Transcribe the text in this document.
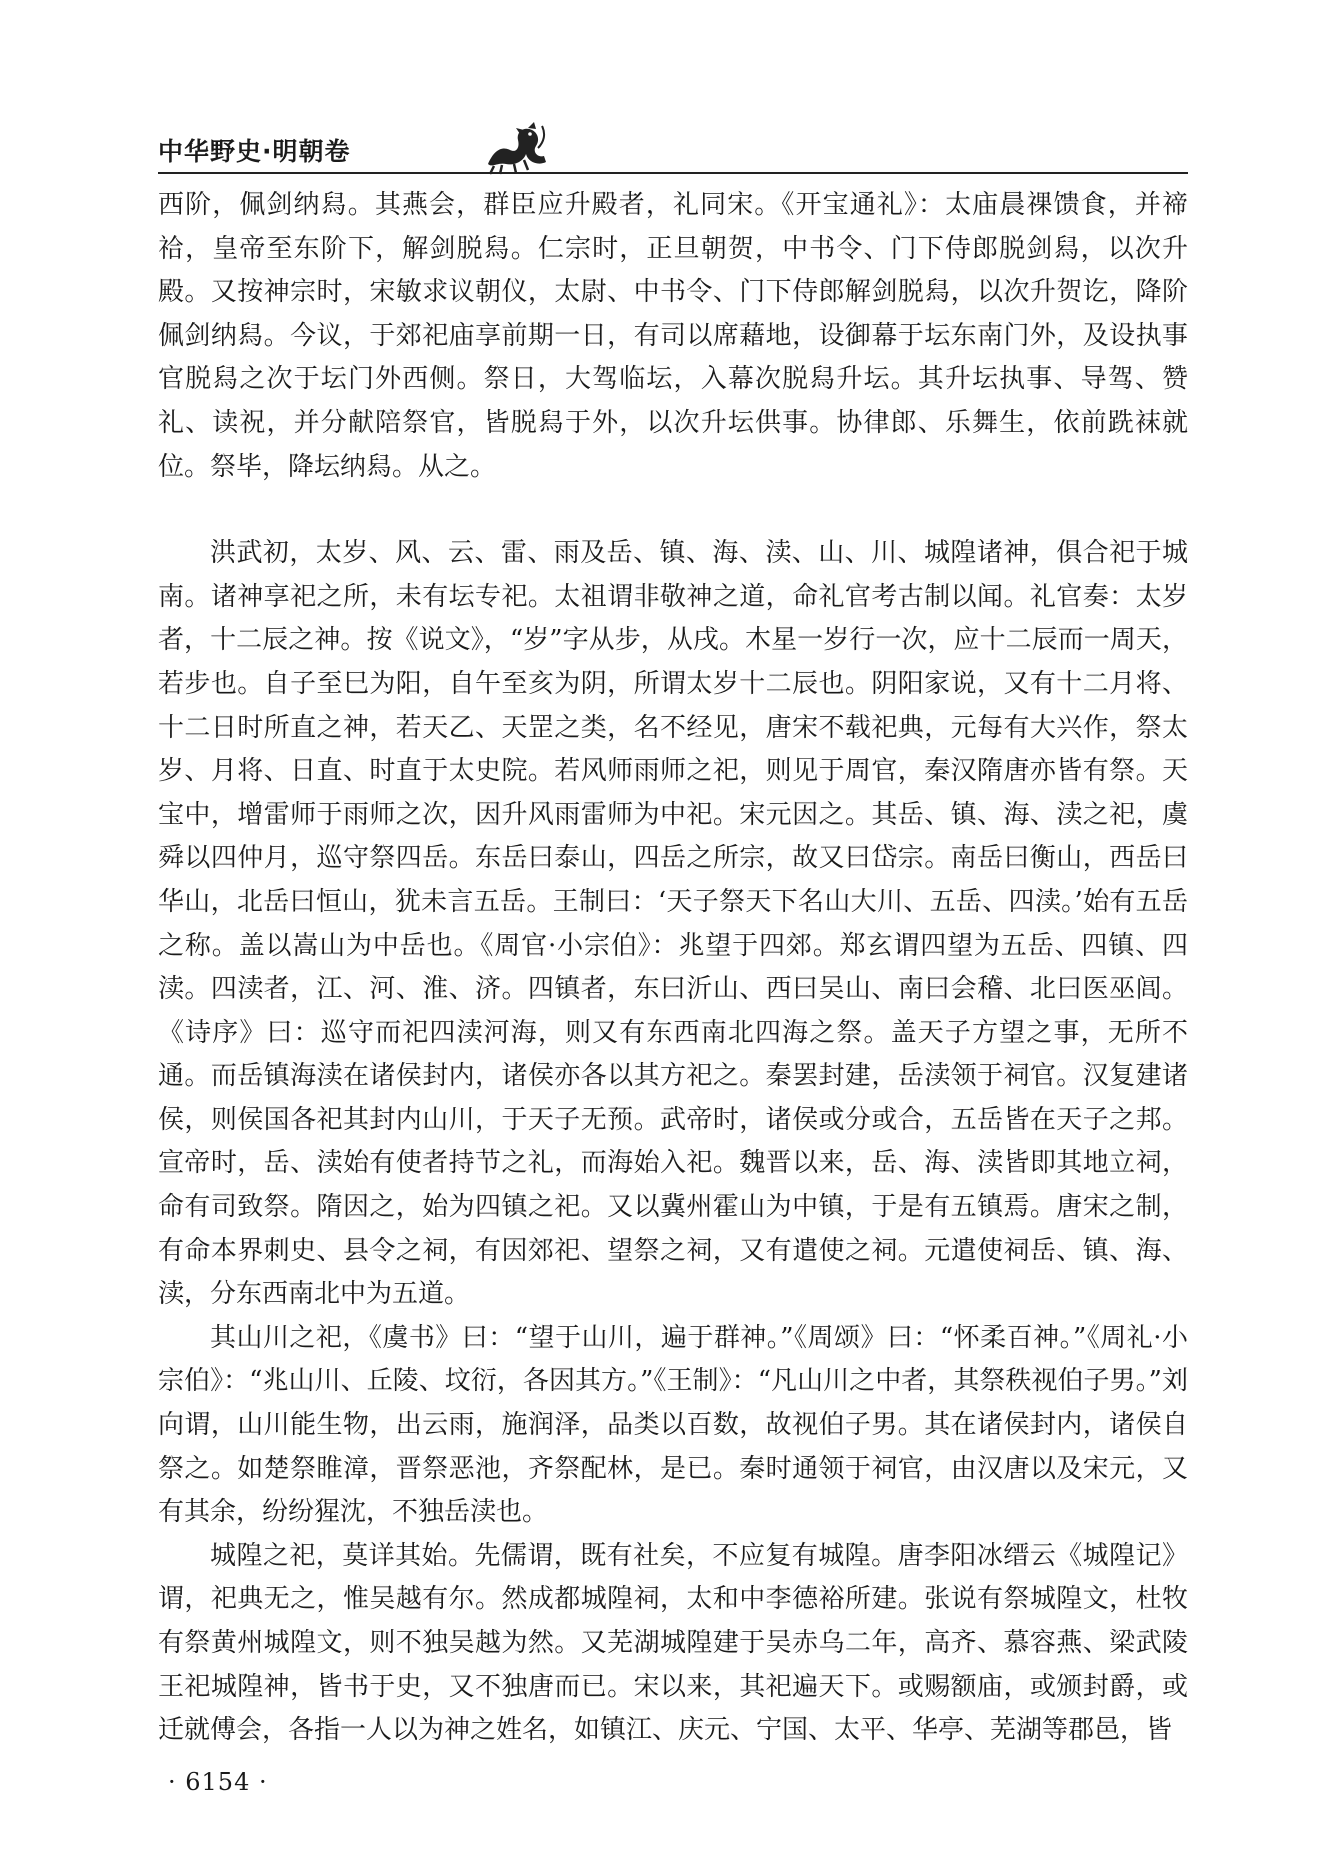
中华野史·明朝卷

西阶，佩剑纳舄。其燕会，群臣应升殿者，礼同宋。《开宝通礼》：太庙晨祼馈食，并禘祫，皇帝至东阶下，解剑脱舄。仁宗时，正旦朝贺，中书令、门下侍郎脱剑舄，以次升殿。又按神宗时，宋敏求议朝仪，太尉、中书令、门下侍郎解剑脱舄，以次升贺讫，降阶佩剑纳舄。今议，于郊祀庙享前期一日，有司以席藉地，设御幕于坛东南门外，及设执事官脱舄之次于坛门外西侧。祭日，大驾临坛，入幕次脱舄升坛。其升坛执事、导驾、赞礼、读祝，并分献陪祭官，皆脱舄于外，以次升坛供事。协律郎、乐舞生，依前跣袜就位。祭毕，降坛纳舄。从之。

洪武初，太岁、风、云、雷、雨及岳、镇、海、渎、山、川、城隍诸神，俱合祀于城南。诸神享祀之所，未有坛专祀。太祖谓非敬神之道，命礼官考古制以闻。礼官奏：太岁者，十二辰之神。按《说文》，“岁”字从步，从戌。木星一岁行一次，应十二辰而一周天，若步也。自子至巳为阳，自午至亥为阴，所谓太岁十二辰也。阴阳家说，又有十二月将、十二日时所直之神，若天乙、天罡之类，名不经见，唐宋不载祀典，元每有大兴作，祭太岁、月将、日直、时直于太史院。若风师雨师之祀，则见于周官，秦汉隋唐亦皆有祭。天宝中，增雷师于雨师之次，因升风雨雷师为中祀。宋元因之。其岳、镇、海、渎之祀，虞舜以四仲月，巡守祭四岳。东岳曰泰山，四岳之所宗，故又曰岱宗。南岳曰衡山，西岳曰华山，北岳曰恒山，犹未言五岳。王制曰：‘天子祭天下名山大川、五岳、四渎。’始有五岳之称。盖以嵩山为中岳也。《周官·小宗伯》：兆望于四郊。郑玄谓四望为五岳、四镇、四渎。四渎者，江、河、淮、济。四镇者，东曰沂山、西曰吴山、南曰会稽、北曰医巫闾。《诗序》曰：巡守而祀四渎河海，则又有东西南北四海之祭。盖天子方望之事，无所不通。而岳镇海渎在诸侯封内，诸侯亦各以其方祀之。秦罢封建，岳渎领于祠官。汉复建诸侯，则侯国各祀其封内山川，于天子无预。武帝时，诸侯或分或合，五岳皆在天子之邦。宣帝时，岳、渎始有使者持节之礼，而海始入祀。魏晋以来，岳、海、渎皆即其地立祠，命有司致祭。隋因之，始为四镇之祀。又以冀州霍山为中镇，于是有五镇焉。唐宋之制，有命本界刺史、县令之祠，有因郊祀、望祭之祠，又有遣使之祠。元遣使祠岳、镇、海、渎，分东西南北中为五道。

其山川之祀，《虞书》曰：“望于山川，遍于群神。”《周颂》曰：“怀柔百神。”《周礼·小宗伯》：“兆山川、丘陵、坟衍，各因其方。”《王制》：“凡山川之中者，其祭秩视伯子男。”刘向谓，山川能生物，出云雨，施润泽，品类以百数，故视伯子男。其在诸侯封内，诸侯自祭之。如楚祭睢漳，晋祭恶池，齐祭配林，是已。秦时通领于祠官，由汉唐以及宋元，又有其余，纷纷猩沈，不独岳渎也。

城隍之祀，莫详其始。先儒谓，既有社矣，不应复有城隍。唐李阳冰缙云《城隍记》谓，祀典无之，惟吴越有尔。然成都城隍祠，太和中李德裕所建。张说有祭城隍文，杜牧有祭黄州城隍文，则不独吴越为然。又芜湖城隍建于吴赤乌二年，高齐、慕容燕、梁武陵王祀城隍神，皆书于史，又不独唐而已。宋以来，其祀遍天下。或赐额庙，或颁封爵，或迁就傅会，各指一人以为神之姓名，如镇江、庆元、宁国、太平、华亭、芜湖等郡邑，皆

· 6154 ·
